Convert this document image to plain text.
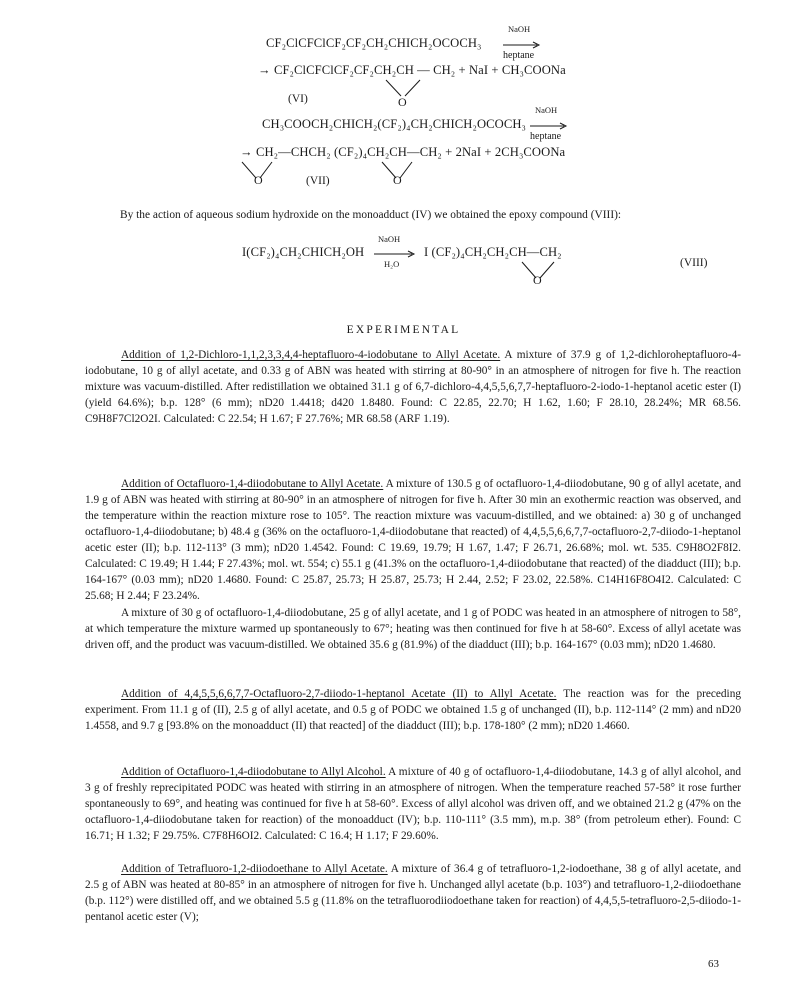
NaOH
CF₂ClCFClCF₂CF₂CH₂CHICH₂OCOCH₃
heptane
→ CF₂ClCFClCF₂CF₂CH₂CH — CH₂ + NaI + CH₃COONa
(VI)	O
NaOH
CH₃COOCH₂CHICH₂(CF₂)₄CH₂CHICH₂OCOCH₃
heptane
→ CH₂—CHCH₂ (CF₂)₄CH₂CH—CH₂ + 2NaI + 2CH₃COONa
O	(VII)	O
By the action of aqueous sodium hydroxide on the monoadduct (IV) we obtained the epoxy compound (VIII):
NaOH
I(CF₂)₄CH₂CHICH₂OH
H₂O
I (CF₂)₄CH₂CH₂CH—CH₂
(VIII)
O
EXPERIMENTAL
Addition of 1,2-Dichloro-1,1,2,3,3,4,4-heptafluoro-4-iodobutane to Allyl Acetate. A mixture of 37.9 g of 1,2-dichloroheptafluoro-4-iodobutane, 10 g of allyl acetate, and 0.33 g of ABN was heated with stirring at 80-90° in an atmosphere of nitrogen for five h. The reaction mixture was vacuum-distilled. After redistillation we obtained 31.1 g of 6,7-dichloro-4,4,5,5,6,7,7-heptafluoro-2-iodo-1-heptanol acetic ester (I) (yield 64.6%); b.p. 128° (6 mm); nD20 1.4418; d420 1.8480. Found: C 22.85, 22.70; H 1.62, 1.60; F 28.10, 28.24%; MR 68.56. C9H8F7Cl2O2I. Calculated: C 22.54; H 1.67; F 27.76%; MR 68.58 (ARF 1.19).
Addition of Octafluoro-1,4-diiodobutane to Allyl Acetate. A mixture of 130.5 g of octafluoro-1,4-diiodobutane, 90 g of allyl acetate, and 1.9 g of ABN was heated with stirring at 80-90° in an atmosphere of nitrogen for five h. After 30 min an exothermic reaction was observed, and the temperature within the reaction mixture rose to 105°. The reaction mixture was vacuum-distilled, and we obtained: a) 30 g of unchanged octafluoro-1,4-diiodobutane; b) 48.4 g (36% on the octafluoro-1,4-diiodobutane that reacted) of 4,4,5,5,6,6,7,7-octafluoro-2,7-diiodo-1-heptanol acetic ester (II); b.p. 112-113° (3 mm); nD20 1.4542. Found: C 19.69, 19.79; H 1.67, 1.47; F 26.71, 26.68%; mol. wt. 535. C9H8O2F8I2. Calculated: C 19.49; H 1.44; F 27.43%; mol. wt. 554; c) 55.1 g (41.3% on the octafluoro-1,4-diiodobutane that reacted) of the diadduct (III); b.p. 164-167° (0.03 mm); nD20 1.4680. Found: C 25.87, 25.73; H 25.87, 25.73; H 2.44, 2.52; F 23.02, 22.58%. C14H16F8O4I2. Calculated: C 25.68; H 2.44; F 23.24%.
A mixture of 30 g of octafluoro-1,4-diiodobutane, 25 g of allyl acetate, and 1 g of PODC was heated in an atmosphere of nitrogen to 58°, at which temperature the mixture warmed up spontaneously to 67°; heating was then continued for five h at 58-60°. Excess of allyl acetate was driven off, and the product was vacuum-distilled. We obtained 35.6 g (81.9%) of the diadduct (III); b.p. 164-167° (0.03 mm); nD20 1.4680.
Addition of 4,4,5,5,6,6,7,7-Octafluoro-2,7-diiodo-1-heptanol Acetate (II) to Allyl Acetate. The reaction was for the preceding experiment. From 11.1 g of (II), 2.5 g of allyl acetate, and 0.5 g of PODC we obtained 1.5 g of unchanged (II), b.p. 112-114° (2 mm) and nD20 1.4558, and 9.7 g [93.8% on the monoadduct (II) that reacted] of the diadduct (III); b.p. 178-180° (2 mm); nD20 1.4660.
Addition of Octafluoro-1,4-diiodobutane to Allyl Alcohol. A mixture of 40 g of octafluoro-1,4-diiodobutane, 14.3 g of allyl alcohol, and 3 g of freshly reprecipitated PODC was heated with stirring in an atmosphere of nitrogen. When the temperature reached 57-58° it rose further spontaneously to 69°, and heating was continued for five h at 58-60°. Excess of allyl alcohol was driven off, and we obtained 21.2 g (47% on the octafluoro-1,4-diiodobutane taken for reaction) of the monoadduct (IV); b.p. 110-111° (3.5 mm), m.p. 38° (from petroleum ether). Found: C 16.71; H 1.32; F 29.75%. C7F8H6OI2. Calculated: C 16.4; H 1.17; F 29.60%.
Addition of Tetrafluoro-1,2-diiodoethane to Allyl Acetate. A mixture of 36.4 g of tetrafluoro-1,2-iodoethane, 38 g of allyl acetate, and 2.5 g of ABN was heated at 80-85° in an atmosphere of nitrogen for five h. Unchanged allyl acetate (b.p. 103°) and tetrafluoro-1,2-diiodoethane (b.p. 112°) were distilled off, and we obtained 5.5 g (11.8% on the tetrafluorodiiodoethane taken for reaction) of 4,4,5,5-tetrafluoro-2,5-diiodo-1-pentanol acetic ester (V);
63
